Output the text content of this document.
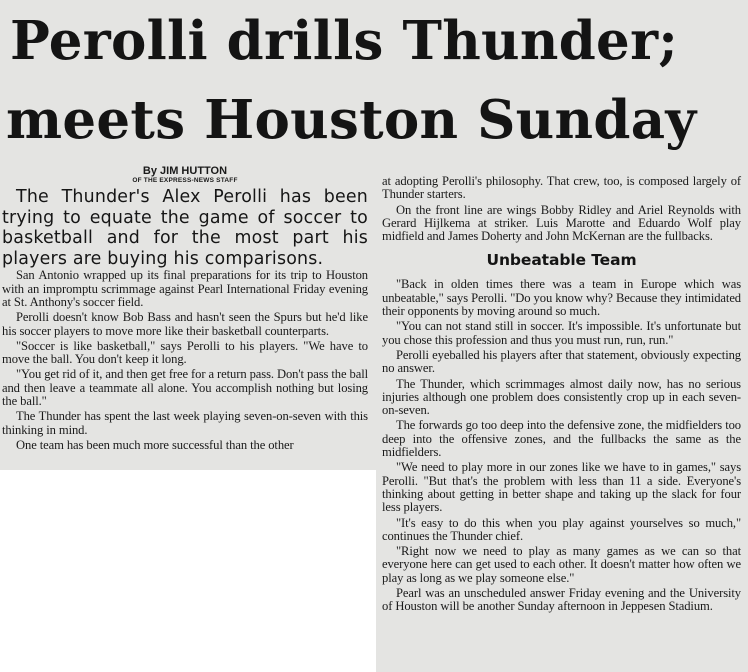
Perolli drills Thunder;
meets Houston Sunday
By JIM HUTTON
OF THE EXPRESS-NEWS STAFF

The Thunder's Alex Perolli has been trying to equate the game of soccer to basketball and for the most part his players are buying his comparisons.

San Antonio wrapped up its final preparations for its trip to Houston with an impromptu scrimmage against Pearl International Friday evening at St. Anthony's soccer field.

Perolli doesn't know Bob Bass and hasn't seen the Spurs but he'd like his soccer players to move more like their basketball counterparts.

"Soccer is like basketball," says Perolli to his players. "We have to move the ball. You don't keep it long.

"You get rid of it, and then get free for a return pass. Don't pass the ball and then leave a teammate all alone. You accomplish nothing but losing the ball."

The Thunder has spent the last week playing seven-on-seven with this thinking in mind.

One team has been much more successful than the other

at adopting Perolli's philosophy. That crew, too, is composed largely of Thunder starters.

On the front line are wings Bobby Ridley and Ariel Reynolds with Gerard Hijlkema at striker. Luis Marotte and Eduardo Wolf play midfield and James Doherty and John McKernan are the fullbacks.

Unbeatable Team

"Back in olden times there was a team in Europe which was unbeatable," says Perolli. "Do you know why? Because they intimidated their opponents by moving around so much.

"You can not stand still in soccer. It's impossible. It's unfortunate but you chose this profession and thus you must run, run, run."

Perolli eyeballed his players after that statement, obviously expecting no answer.

The Thunder, which scrimmages almost daily now, has no serious injuries although one problem does consistently crop up in each seven-on-seven.

The forwards go too deep into the defensive zone, the midfielders too deep into the offensive zones, and the fullbacks the same as the midfielders.

"We need to play more in our zones like we have to in games," says Perolli. "But that's the problem with less than 11 a side. Everyone's thinking about getting in better shape and taking up the slack for four less players.

"It's easy to do this when you play against yourselves so much," continues the Thunder chief.

"Right now we need to play as many games as we can so that everyone here can get used to each other. It doesn't matter how often we play as long as we play someone else."

Pearl was an unscheduled answer Friday evening and the University of Houston will be another Sunday afternoon in Jeppesen Stadium.
